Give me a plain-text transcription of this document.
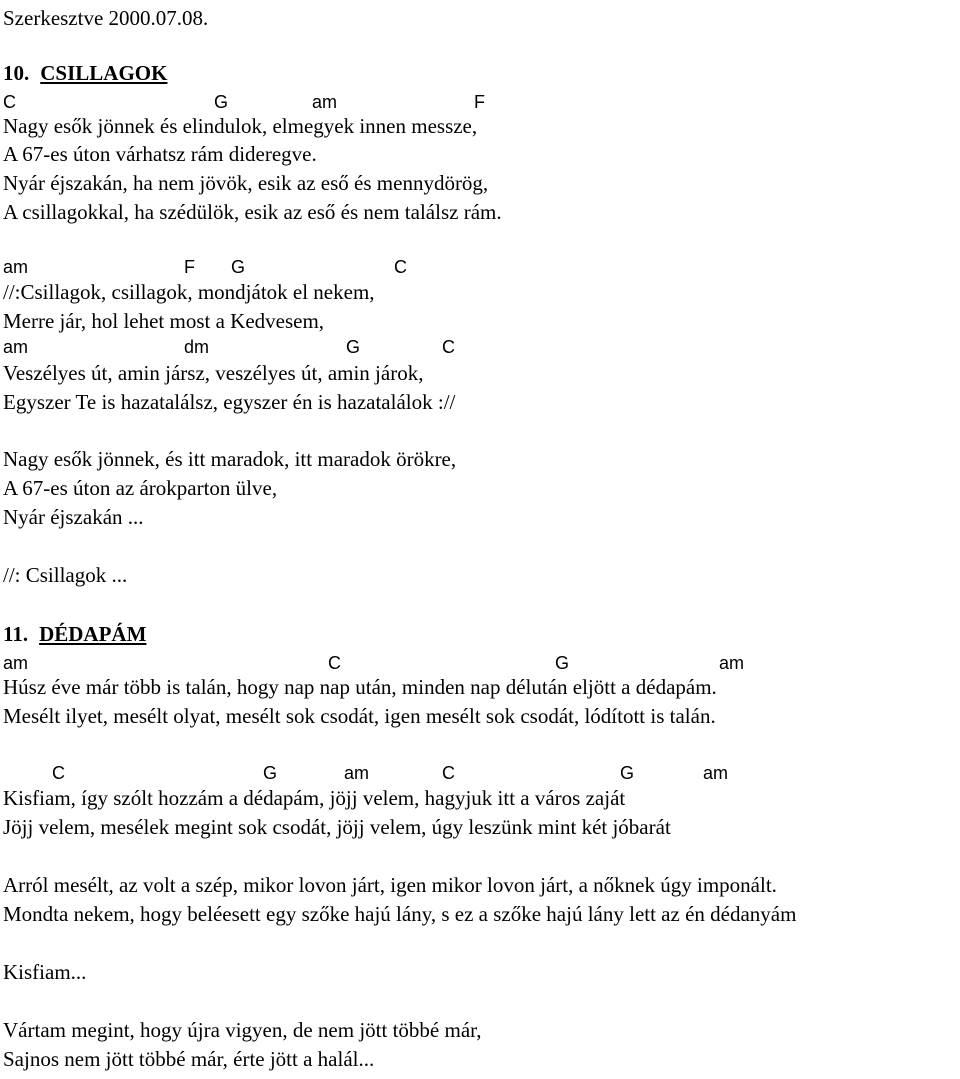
Szerkesztve 2000.07.08.
10. CSILLAGOK
C	G	am	F
Nagy esők jönnek és elindulok, elmegyek innen messze,
A 67-es úton várhatsz rám dideregve.
Nyár éjszakán, ha nem jövök, esik az eső és mennydörög,
A csillagokkal, ha szédülök, esik az eső és nem találsz rám.
am	F G	C
//:Csillagok, csillagok, mondjátok el nekem,
Merre jár, hol lehet most a Kedvesem,
am	dm	G	C
Veszélyes út, amin jársz, veszélyes út, amin járok,
Egyszer Te is hazatalálsz, egyszer én is hazatalálok ://
Nagy esők jönnek, és itt maradok, itt maradok örökre,
A 67-es úton az árokparton ülve,
Nyár éjszakán ...
//: Csillagok ...
11. DÉDAPÁM
am	C	G	am
Húsz éve már több is talán, hogy nap nap után, minden nap délután eljött a dédapám.
Mesélt ilyet, mesélt olyat, mesélt sok csodát, igen mesélt sok csodát, lódított is talán.
C	G	am	C	G	am
Kisfiam, így szólt hozzám a dédapám, jöjj velem, hagyjuk itt a város zaját
Jöjj velem, mesélek megint sok csodát, jöjj velem, úgy leszünk mint két jóbarát
Arról mesélt, az volt a szép, mikor lovon járt, igen mikor lovon járt, a nőknek úgy imponált.
Mondta nekem, hogy beléesett egy szőke hajú lány, s ez a szőke hajú lány lett az én dédanyám
Kisfiam...
Vártam megint, hogy újra vigyen, de nem jött többé már,
Sajnos nem jött többé már, érte jött a halál...
